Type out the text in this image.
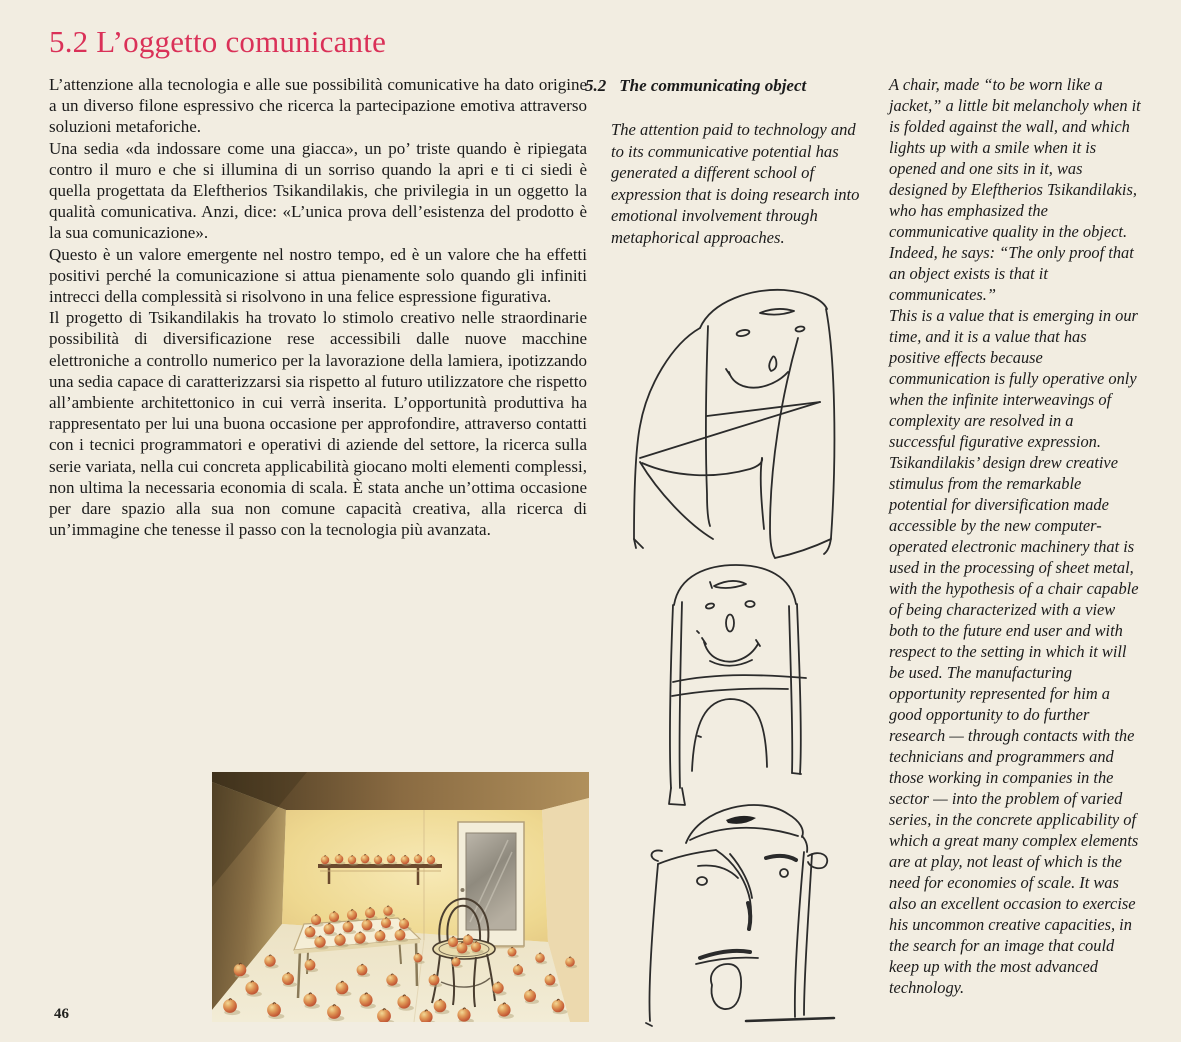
5.2 L’oggetto comunicante

L’attenzione alla tecnologia e alle sue possibilità comunicative ha dato origine a un diverso filone espressivo che ricerca la partecipazione emotiva attraverso soluzioni metaforiche.

Una sedia «da indossare come una giacca», un po’ triste quando è ripiegata contro il muro e che si illumina di un sorriso quando la apri e ti ci siedi è quella progettata da Eleftherios Tsikandilakis, che privilegia in un oggetto la qualità comunicativa. Anzi, dice: «L’unica prova dell’esistenza del prodotto è la sua comunicazione».

Questo è un valore emergente nel nostro tempo, ed è un valore che ha effetti positivi perché la comunicazione si attua pienamente solo quando gli infiniti intrecci della complessità si risolvono in una felice espressione figurativa.

Il progetto di Tsikandilakis ha trovato lo stimolo creativo nelle straordinarie possibilità di diversificazione rese accessibili dalle nuove macchine elettroniche a controllo numerico per la lavorazione della lamiera, ipotizzando una sedia capace di caratterizzarsi sia rispetto al futuro utilizzatore che rispetto all’ambiente architettonico in cui verrà inserita. L’opportunità produttiva ha rappresentato per lui una buona occasione per approfondire, attraverso contatti con i tecnici programmatori e operativi di aziende del settore, la ricerca sulla serie variata, nella cui concreta applicabilità giocano molti elementi complessi, non ultima la necessaria economia di scala. È stata anche un’ottima occasione per dare spazio alla sua non comune capacità creativa, alla ricerca di un’immagine che tenesse il passo con la tecnologia più avanzata.

5.2 The communicating object
The attention paid to technology and to its communicative potential has generated a different school of expression that is doing research into emotional involvement through metaphorical approaches.

A chair, made “to be worn like a jacket,” a little bit melancholy when it is folded against the wall, and which lights up with a smile when it is opened and one sits in it, was designed by Eleftherios Tsikandilakis, who has emphasized the communicative quality in the object. Indeed, he says: “The only proof that an object exists is that it communicates.”

This is a value that is emerging in our time, and it is a value that has positive effects because communication is fully operative only when the infinite interweavings of complexity are resolved in a successful figurative expression.

Tsikandilakis’ design drew creative stimulus from the remarkable potential for diversification made accessible by the new computer-operated electronic machinery that is used in the processing of sheet metal, with the hypothesis of a chair capable of being characterized with a view both to the future end user and with respect to the setting in which it will be used. The manufacturing opportunity represented for him a good opportunity to do further research — through contacts with the technicians and programmers and those working in companies in the sector — into the problem of varied series, in the concrete applicability of which a great many complex elements are at play, not least of which is the need for economies of scale. It was also an excellent occasion to exercise his uncommon creative capacities, in the search for an image that could keep up with the most advanced technology.

46
